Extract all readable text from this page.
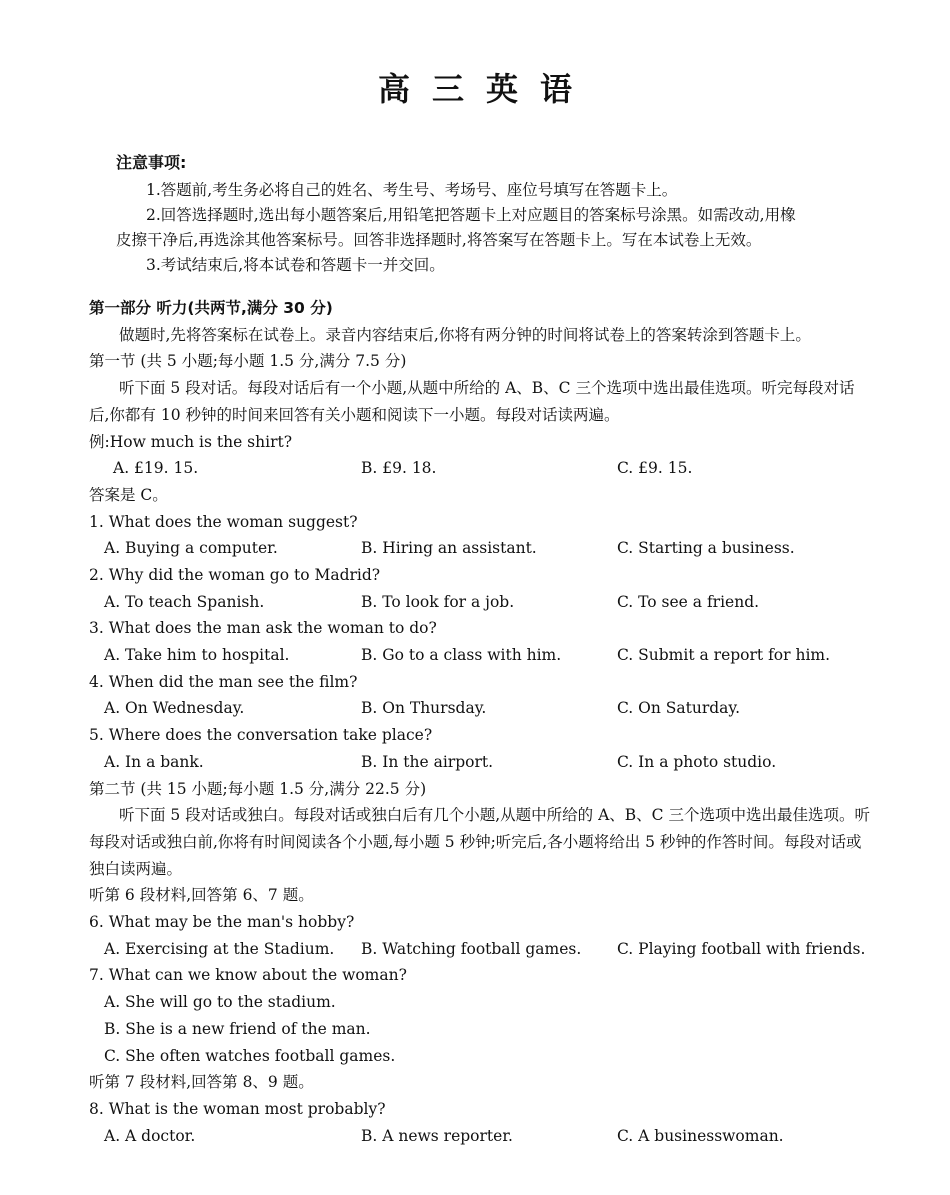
高三英语
注意事项:
1.答题前,考生务必将自己的姓名、考生号、考场号、座位号填写在答题卡上。
2.回答选择题时,选出每小题答案后,用铅笔把答题卡上对应题目的答案标号涂黑。如需改动,用橡
皮擦干净后,再选涂其他答案标号。回答非选择题时,将答案写在答题卡上。写在本试卷上无效。
3.考试结束后,将本试卷和答题卡一并交回。
第一部分 听力(共两节,满分 30 分)
做题时,先将答案标在试卷上。录音内容结束后,你将有两分钟的时间将试卷上的答案转涂到答题卡上。
第一节 (共 5 小题;每小题 1.5 分,满分 7.5 分)
听下面 5 段对话。每段对话后有一个小题,从题中所给的 A、B、C 三个选项中选出最佳选项。听完每段对话后,你都有 10 秒钟的时间来回答有关小题和阅读下一小题。每段对话读两遍。
例:How much is the shirt?
A. £19. 15.	B. £9. 18.	C. £9. 15.
答案是 C。
1. What does the woman suggest?
A. Buying a computer.	B. Hiring an assistant.	C. Starting a business.
2. Why did the woman go to Madrid?
A. To teach Spanish.	B. To look for a job.	C. To see a friend.
3. What does the man ask the woman to do?
A. Take him to hospital.	B. Go to a class with him.	C. Submit a report for him.
4. When did the man see the film?
A. On Wednesday.	B. On Thursday.	C. On Saturday.
5. Where does the conversation take place?
A. In a bank.	B. In the airport.	C. In a photo studio.
第二节 (共 15 小题;每小题 1.5 分,满分 22.5 分)
听下面 5 段对话或独白。每段对话或独白后有几个小题,从题中所给的 A、B、C 三个选项中选出最佳选项。听每段对话或独白前,你将有时间阅读各个小题,每小题 5 秒钟;听完后,各小题将给出 5 秒钟的作答时间。每段对话或独白读两遍。
听第 6 段材料,回答第 6、7 题。
6. What may be the man's hobby?
A. Exercising at the Stadium. B. Watching football games. C. Playing football with friends.
7. What can we know about the woman?
A. She will go to the stadium.
B. She is a new friend of the man.
C. She often watches football games.
听第 7 段材料,回答第 8、9 题。
8. What is the woman most probably?
A. A doctor.	B. A news reporter.	C. A businesswoman.
